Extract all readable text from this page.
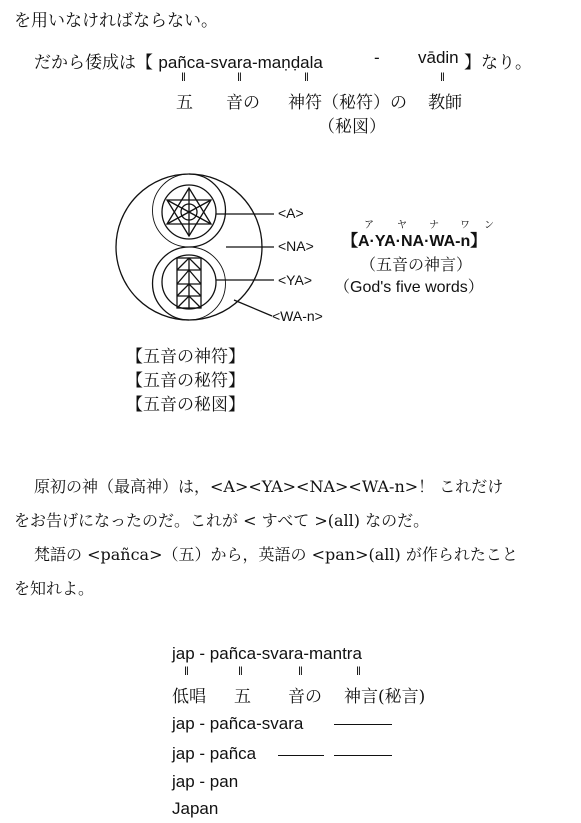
を用いなければならない。
だから倭成は【 pañca-svara-maṇḍala	- vādin 】なり。
‖	‖	‖	‖
五 音の 神符（秘符）の 教師
（秘図）
<A>
<NA>
<YA>
<WA-n>
ア ヤ ナ ワ ン
【A·YA·NA·WA-n】
（五音の神言）
（God's five words）
【五音の神符】
【五音の秘符】
【五音の秘図】
原初の神（最高神）は，<A><YA><NA><WA-n>！ これだけ
をお告げになったのだ。これが < すべて >(all) なのだ。
梵語の <pañca>（五）から，英語の <pan>(all) が作られたこと
を知れよ。
jap - pañca-svara-mantra
‖	‖	‖	‖
低唱 五 音の 神言(秘言)
jap - pañca-svara
jap - pañca
jap - pan
Japan
